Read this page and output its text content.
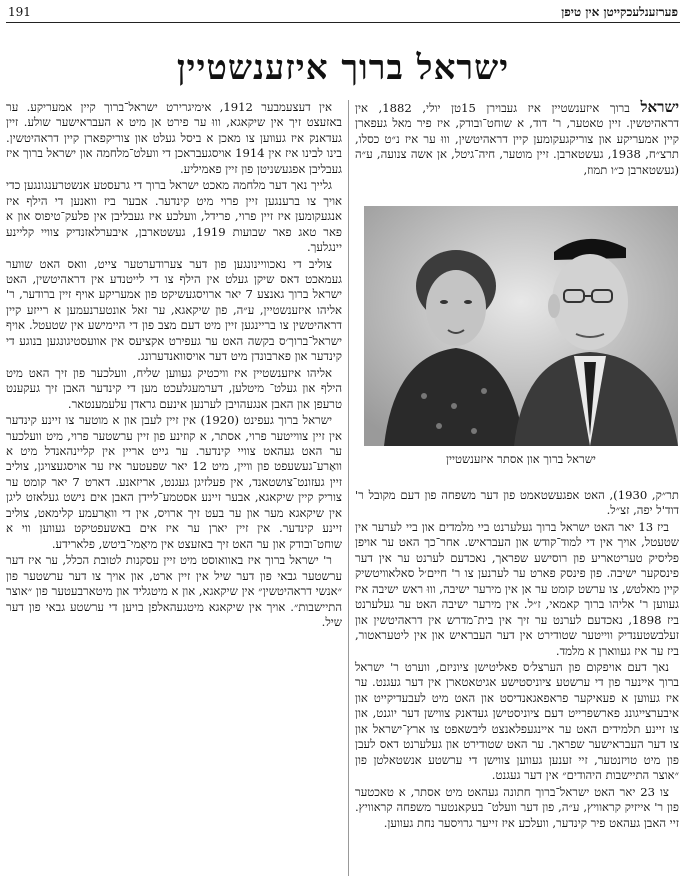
191	פערזענלעכקייטן אין טיפן
ישראל ברוך איזענשטיין

ישראל ברוך איזענשטיין איז געבוירן 15טן יולי, 1882, אין דראהיטשין. זיין טאטער, ר' דוד, א שוחט־ובודק, איז פיר מאל געפארן קיין אמעריקע און צוריקגעקומען קיין דראהיטשין, וווּ ער איז נ״ט כסלו, תרצ״ח, 1938, געשטארבן. זיין מוטער, חיה־גיטל, אן אשה צנועה, ע״ה (געשטארבן כ״ו תמוז,

ישראל ברוך און אסתר איזענשטיין

תר״ק, 1930), האט אפגעשטאמט פון דער משפחה פון דעם מקובל ר' דוד'ל יפה, זצ״ל.

ביז 13 יאר האט ישראל ברוך געלערנט ביי מלמדים און ביי לערער אין שטעטל, אויך אין די למוד־קודש און העבראיש. אחר־כך האט ער אויפן פליסיק טעריטאריע פון רוסישע שפראך, נאכדעם לערנט ער אין דער פינסקער ישיבה. פון פינסק פארט ער לערנען צו ר' חיים׳ל סאלאוויטשיק קיין מאלטש, צו ערשט קומט ער אן אין מירער ישיבה, וווּ ראש ישיבה איז געווען ר' אליהו ברוך קאמאי, ז״ל. אין מירער ישיבה האט ער געלערנט ביז 1898, נאכדעם לערנט ער זיך אין בית־מדרש אין דראהיטשין און זעלבשטענדיק ווייטער שטודירט אין דער העבראיש און אין ליטעראטור, ביז ער איז געווארן א מלמד.

נאך דעם אויפקום פון הערצל׳ס פאליטישן ציוניזם, ווערט ר' ישראל ברוך איינער פון די ערשטע ציוניסטישע אגיטאטארן אין דער געגנט. ער איז געווען א פעאיקער פראפאגאנדיסט און האט מיט לעבעדיקייט און איבערצייגונג פארשפרייט דעם ציוניסטישן געדאנק צווישן דער יוגנט, און צו זיינע תלמידים האט ער איינגעפלאנצט ליבשאפט צו ארץ־ישראל און צו דער העבראישער שפראך. ער האט שטודירט און געלערנט דאס לעבן פון מיט טויזנטער, זיי זענען געווען צווישן די ערשטע אנשטאלטן פון ״אוצר התיישבות היהודים״ אין דער געגנט.

צו 23 יאר האט ישראל־ברוך חתונה געהאט מיט אסתר, א טאכטער פון ר' אייזיק קראוויץ, ע״ה, פון דער וועלט־ בעקאנטער משפחה קראוויץ. זיי האבן געהאט פיר קינדער, וועלכע איז זייער גרויסער נחת געווען.

אין דעצעמבער 1912, אימיגרירט ישראל־ברוך קיין אמעריקע. ער באזעצט זיך אין שיקאגא, וווּ ער פירט אן מיט א העבראישער שולע. זיין געדאנק איז געווען צו מאכן א ביסל געלט און צוריקפארן קיין דראהיטשין. בינו לבינו איז אין 1914 אויסגעבראכן די וועלט־מלחמה און ישראל ברוך איז געבליבן אפגעשניטן פון זיין פאמיליע.

גלייך נאך דער מלחמה מאכט ישראל ברוך די גרעסטע אנשטרענגונגען כדי אויך צו ברענגען זיין פרוי מיט קינדער. אבער ביז וואנען די הילף איז אנגעקומען איז זיין פרוי, פרידל, וועלכע איז געבליבן אין פלעק־טיפוס און א פאר טאג פאר שבועות 1919, געשטארבן, איבערלאזנדיק צוויי קליינע יינגלעך.

צוליב די נאכוויינונגען פון דער צערודערטער צייט, וואס האט שווער געמאכט דאס שיקן געלט אין הילף צו די לייטנדע אין דראהיטשין, האט ישראל ברוך גאנצע 7 יאר ארויסגעשיקט פון אמעריקע אויף זיין ברודער, ר' אליהו איזענשטיין, ע״ה, פון שיקאגא, ער זאל אונטערנעמען א רייזע קיין דראהיטשין צו בריינגען זיין מיט דעם מצב פון די היימישע אין שטעטל. אויף ישראל־ברוך׳ס בקשה האט ער געפירט אקציעס אין אוועסטיגונגען בנוגע די קינדער און פארבונדן מיט דער אויסוואנדערונג.

אליהו איזענשטיין איז וויכטיק געווען שליח, וועלכער פון זיך האט מיט הילף און געלט־ מיטלען, דערמעגלעכט מען די קינדער האבן זיך געקענט טרעפן און האבן אנגעהויבן לערנען אינעם גראדן עלעמענטאר.

ישראל ברוך געפינט (1920) אין זיין לעבן און א מוטער צו זיינע קינדער אין זיין צווייטער פרוי, אסתר, א קוזינע פון זיין ערשטער פרוי, מיט וועלכער ער האט געהאט צוויי קינדער. ער גייט אריין אין קליינהאנדל מיט א וואַרע־געשעפט פון וויין, מיט 12 יאר שפעטער איז ער אויסגעצויגן, צוליב זיין געזונט־צושטאנד, אין פעלזיגן געגנט, אריזאנע. דארט 7 יאר קומט ער צוריק קיין שיקאגא, אבער זיינע אסטמע־ליידן האבן אים נישט געלאזט ליגן אין שיקאגא מער און ער בעט זיך ארויס, אין די וואַרעמע קלימאט, צוליב זיינע קינדער. אין זיין יארן ער איז אים באשעפטיקט געווען ווי א שוחט־ובודק און ער האט זיך באזעצט אין מיאַמי־ביטש, פלארידע.

ר' ישראל ברוך איז באוואוסט מיט זיין עסקנות לטובת הכלל, ער איז דער ערשטער גבאי פון דער שיל אין זיין ארט, און אויך צו דער ערשטער פון ״אנשי דראהיטשין״ אין שיקאגא, און א מיטגליד און מיטארבעטער פון ״אוצר התיישבות״. אויך אין שיקאגא מיטגעהאלפן בויען די ערשטע גבאי פון דער שיל.
